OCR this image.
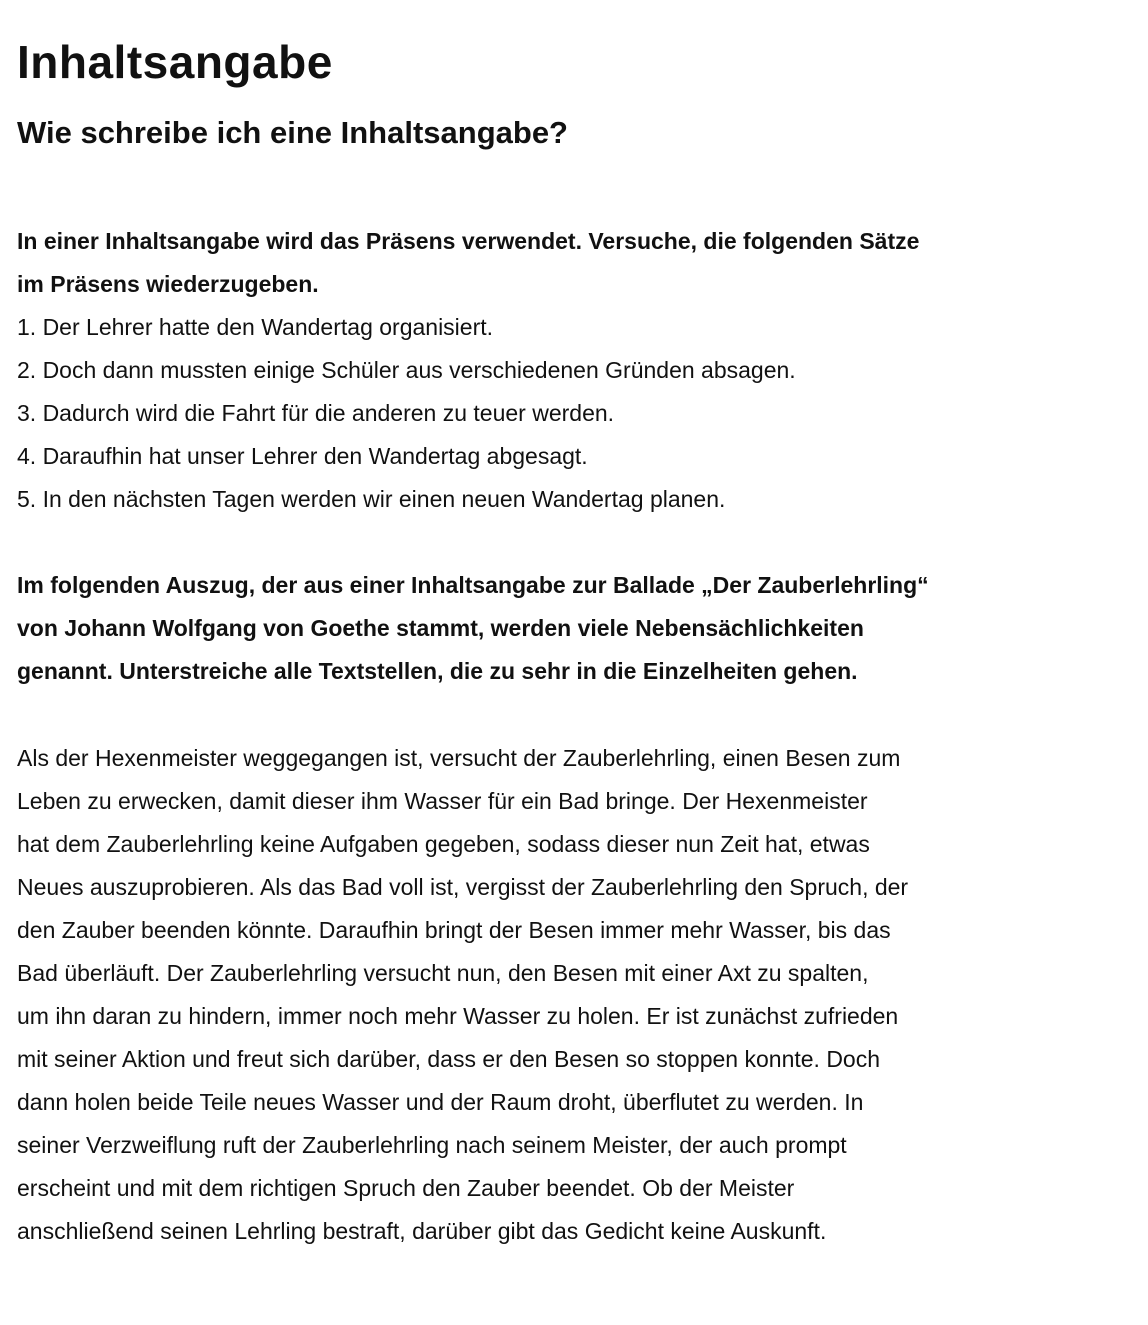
Inhaltsangabe
Wie schreibe ich eine Inhaltsangabe?

In einer Inhaltsangabe wird das Präsens verwendet. Versuche, die folgenden Sätze
im Präsens wiederzugeben.

1. Der Lehrer hatte den Wandertag organisiert.
2. Doch dann mussten einige Schüler aus verschiedenen Gründen absagen.
3. Dadurch wird die Fahrt für die anderen zu teuer werden.
4. Daraufhin hat unser Lehrer den Wandertag abgesagt.
5. In den nächsten Tagen werden wir einen neuen Wandertag planen.

Im folgenden Auszug, der aus einer Inhaltsangabe zur Ballade „Der Zauberlehrling“
von Johann Wolfgang von Goethe stammt, werden viele Nebensächlichkeiten
genannt. Unterstreiche alle Textstellen, die zu sehr in die Einzelheiten gehen.

Als der Hexenmeister weggegangen ist, versucht der Zauberlehrling, einen Besen zum
Leben zu erwecken, damit dieser ihm Wasser für ein Bad bringe. Der Hexenmeister
hat dem Zauberlehrling keine Aufgaben gegeben, sodass dieser nun Zeit hat, etwas
Neues auszuprobieren. Als das Bad voll ist, vergisst der Zauberlehrling den Spruch, der
den Zauber beenden könnte. Daraufhin bringt der Besen immer mehr Wasser, bis das
Bad überläuft. Der Zauberlehrling versucht nun, den Besen mit einer Axt zu spalten,
um ihn daran zu hindern, immer noch mehr Wasser zu holen. Er ist zunächst zufrieden
mit seiner Aktion und freut sich darüber, dass er den Besen so stoppen konnte. Doch
dann holen beide Teile neues Wasser und der Raum droht, überflutet zu werden. In
seiner Verzweiflung ruft der Zauberlehrling nach seinem Meister, der auch prompt
erscheint und mit dem richtigen Spruch den Zauber beendet. Ob der Meister
anschließend seinen Lehrling bestraft, darüber gibt das Gedicht keine Auskunft.
